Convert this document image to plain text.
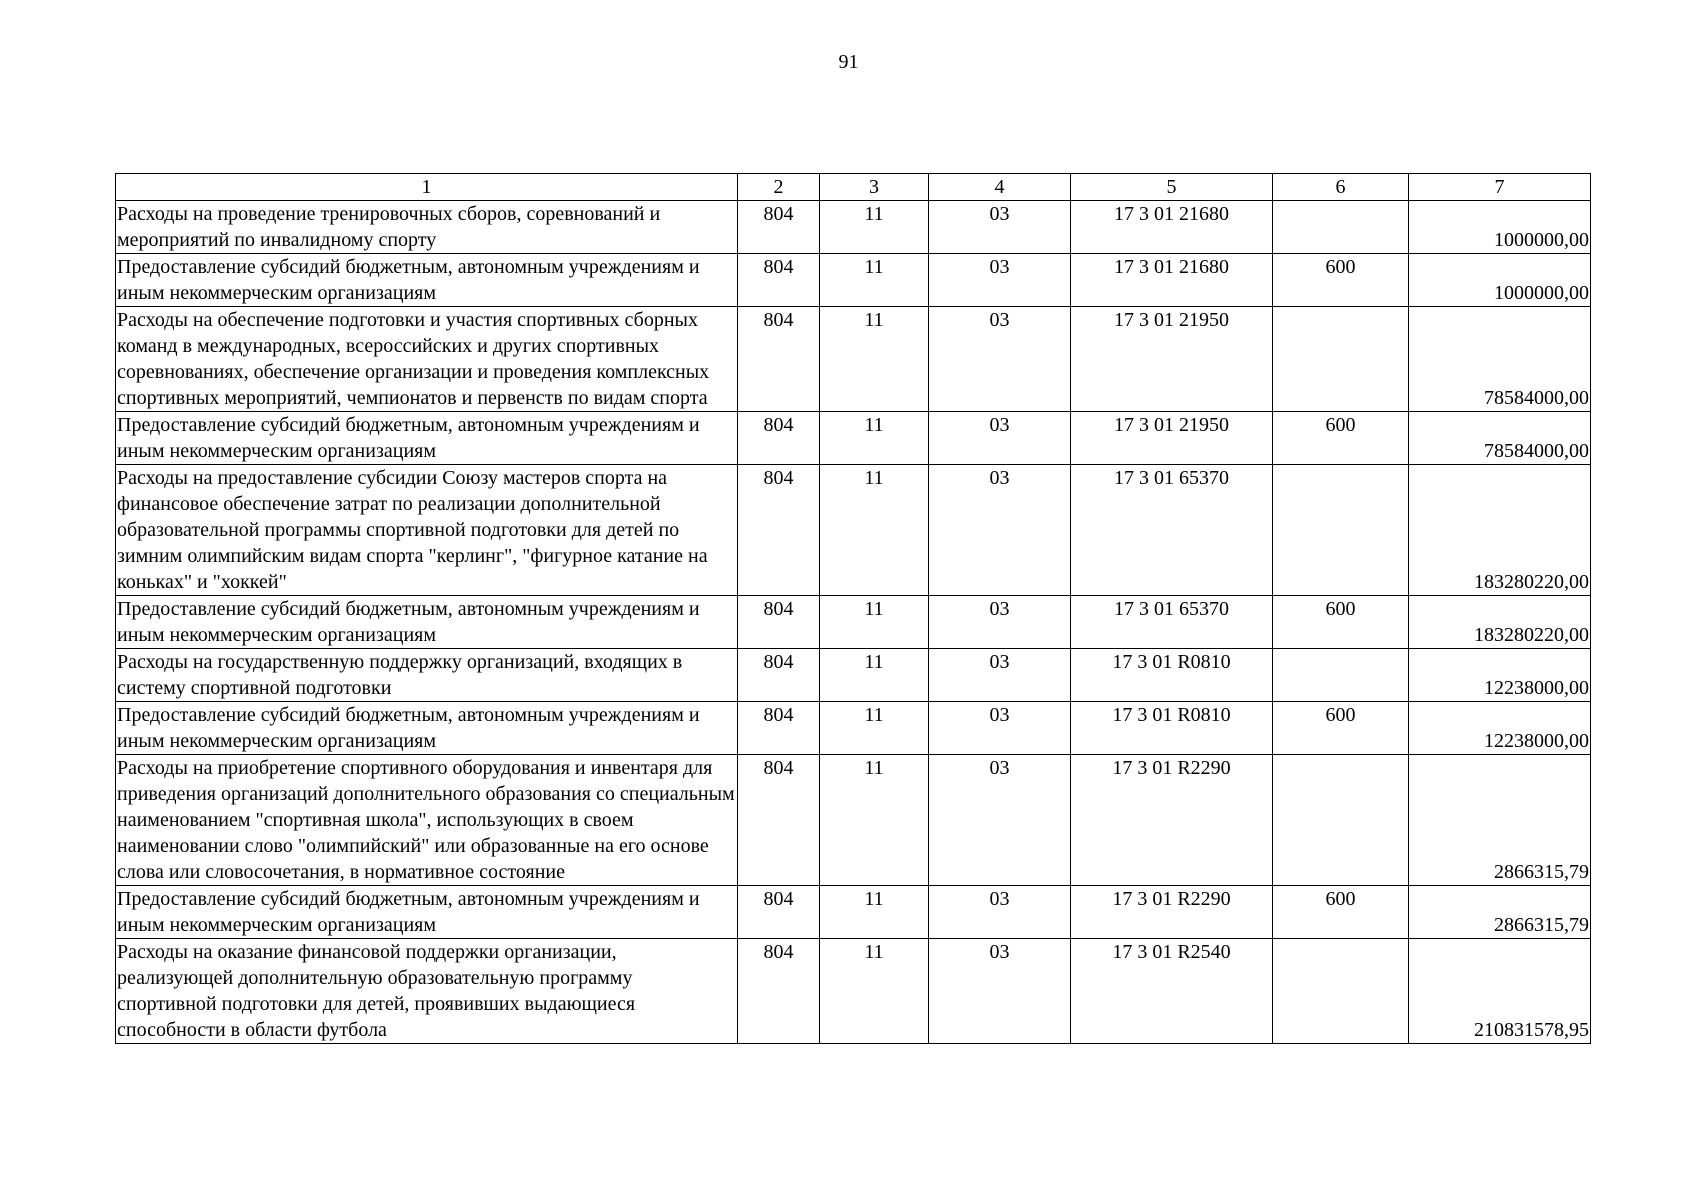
91
1	2	3	4	5	6	7
Расходы на проведение тренировочных сборов, соревнований и мероприятий по инвалидному спорту	804	11	03	17 3 01 21680		1000000,00
Предоставление субсидий бюджетным, автономным учреждениям и иным некоммерческим организациям	804	11	03	17 3 01 21680	600	1000000,00
Расходы на обеспечение подготовки и участия спортивных сборных команд в международных, всероссийских и других спортивных соревнованиях, обеспечение организации и проведения комплексных спортивных мероприятий, чемпионатов и первенств по видам спорта	804	11	03	17 3 01 21950		78584000,00
Предоставление субсидий бюджетным, автономным учреждениям и иным некоммерческим организациям	804	11	03	17 3 01 21950	600	78584000,00
Расходы на предоставление субсидии Союзу мастеров спорта на финансовое обеспечение затрат по реализации дополнительной образовательной программы спортивной подготовки для детей по зимним олимпийским видам спорта "керлинг", "фигурное катание на коньках" и "хоккей"	804	11	03	17 3 01 65370		183280220,00
Предоставление субсидий бюджетным, автономным учреждениям и иным некоммерческим организациям	804	11	03	17 3 01 65370	600	183280220,00
Расходы на государственную поддержку организаций, входящих в систему спортивной подготовки	804	11	03	17 3 01 R0810		12238000,00
Предоставление субсидий бюджетным, автономным учреждениям и иным некоммерческим организациям	804	11	03	17 3 01 R0810	600	12238000,00
Расходы на приобретение спортивного оборудования и инвентаря для приведения организаций дополнительного образования со специальным наименованием "спортивная школа", использующих в своем наименовании слово "олимпийский" или образованные на его основе слова или словосочетания, в нормативное состояние	804	11	03	17 3 01 R2290		2866315,79
Предоставление субсидий бюджетным, автономным учреждениям и иным некоммерческим организациям	804	11	03	17 3 01 R2290	600	2866315,79
Расходы на оказание финансовой поддержки организации, реализующей дополнительную образовательную программу спортивной подготовки для детей, проявивших выдающиеся способности в области футбола	804	11	03	17 3 01 R2540		210831578,95
